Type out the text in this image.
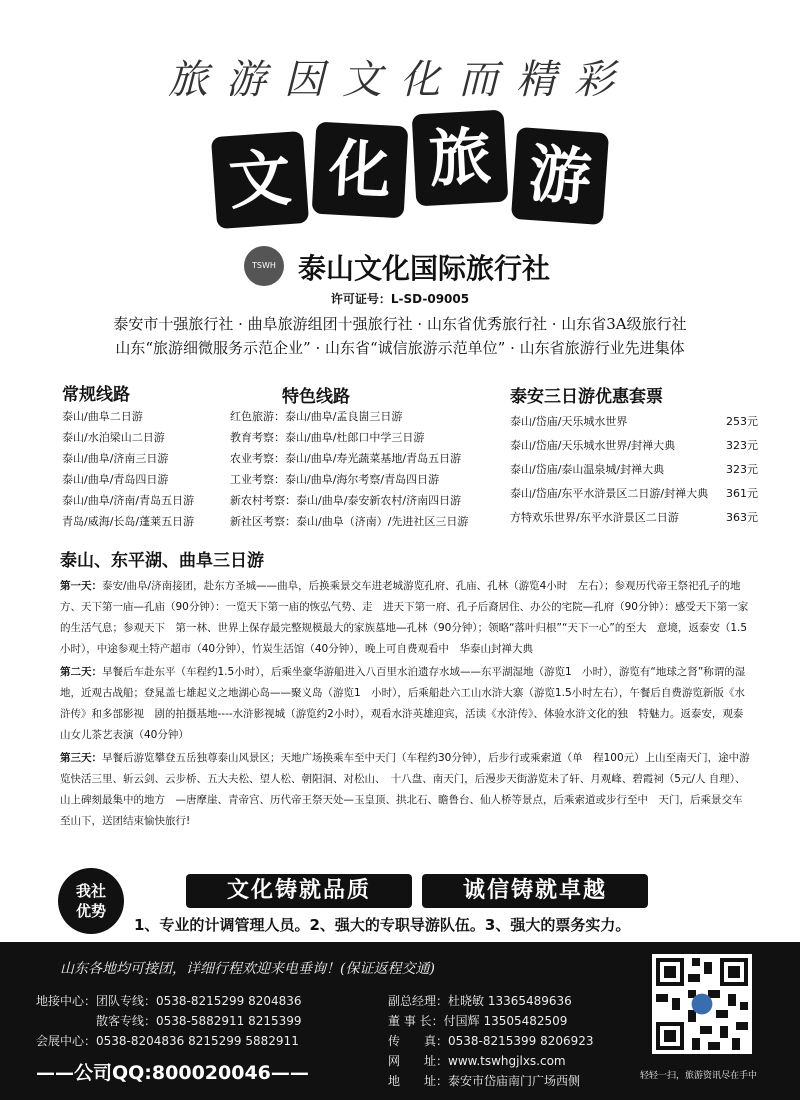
旅游因文化而精彩
文 化 旅 游
TSWH 泰山文化国际旅行社
许可证号：L-SD-09005
泰安市十强旅行社 · 曲阜旅游组团十强旅行社 · 山东省优秀旅行社 · 山东省3A级旅行社
山东“旅游细微服务示范企业” · 山东省“诚信旅游示范单位” · 山东省旅游行业先进集体
常规线路
泰山/曲阜二日游
泰山/水泊梁山二日游
泰山/曲阜/济南三日游
泰山/曲阜/青岛四日游
泰山/曲阜/济南/青岛五日游
青岛/威海/长岛/蓬莱五日游
特色线路
红色旅游：泰山/曲阜/孟良崮三日游
教育考察：泰山/曲阜/杜郎口中学三日游
农业考察：泰山/曲阜/寿光蔬菜基地/青岛五日游
工业考察：泰山/曲阜/海尔考察/青岛四日游
新农村考察：泰山/曲阜/泰安新农村/济南四日游
新社区考察：泰山/曲阜（济南）/先进社区三日游
泰安三日游优惠套票
泰山/岱庙/天乐城水世界	253元
泰山/岱庙/天乐城水世界/封禅大典	323元
泰山/岱庙/泰山温泉城/封禅大典	323元
泰山/岱庙/东平水浒景区二日游/封禅大典 361元
方特欢乐世界/东平水浒景区二日游	363元
泰山、东平湖、曲阜三日游

第一天：泰安/曲阜/济南接团，赴东方圣城——曲阜，后换乘景交车进老城游览孔府、孔庙、孔林（游览4小时　左右）；参观历代帝王祭祀孔子的地方、天下第一庙—孔庙（90分钟）：一览天下第一庙的恢弘气势、走　进天下第一府、孔子后裔居住、办公的宅院—孔府（90分钟）：感受天下第一家的生活气息；参观天下　第一林、世界上保存最完整规模最大的家族墓地—孔林（90分钟）；领略“落叶归根”“天下一心”的至大　意境，返泰安（1.5小时），中途参观土特产超市（40分钟），竹炭生活馆（40分钟），晚上可自费观看中　华泰山封禅大典

第二天：早餐后车赴东平（车程约1.5小时），后乘坐豪华游船进入八百里水泊遗存水域——东平湖湿地（游览1　小时），游览有“地球之肾”称谓的湿地，近观古战船；登晁盖七雄起义之地湖心岛——聚义岛（游览1　小时），后乘船赴六工山水浒大寨（游览1.5小时左右），午餐后自费游览新版《水浒传》和多部影视　剧的拍摄基地----水浒影视城（游览约2小时），观看水浒英雄迎宾，活读《水浒传》、体验水浒文化的独　特魅力。返泰安，观泰山女儿茶艺表演（40分钟）

第三天：早餐后游览攀登五岳独尊泰山风景区；天地广场换乘车至中天门（车程约30分钟），后步行或乘索道（单　程100元）上山至南天门，途中游览快活三里、斩云剑、云步桥、五大夫松、望人松、朝阳洞、对松山、　十八盘、南天门，后漫步天街游览未了轩、月观峰、碧霞祠（5元/人 自理）、山上碑刻最集中的地方　—唐摩崖、青帝宫、历代帝王祭天处—玉皇顶、拱北石、瞻鲁台、仙人桥等景点，后乘索道或步行至中　天门，后乘景交车至山下，送团结束愉快旅行!

我社
优势
文化铸就品质	诚信铸就卓越
1、专业的计调管理人员。2、强大的专职导游队伍。3、强大的票务实力。
山东各地均可接团，详细行程欢迎来电垂询！(保证返程交通)
地接中心：团队专线：0538-8215299 8204836
　　　　　散客专线：0538-5882911 8215399
会展中心：0538-8204836 8215299 5882911
——公司QQ:800020046——
副总经理：杜晓敏 13365489636
董 事 长：付国辉 13505482509
传　　真：0538-8215399 8206923
网　　址：www.tswhgjlxs.com
地　　址：泰安市岱庙南门广场西侧	轻轻一扫，旅游资讯尽在手中
